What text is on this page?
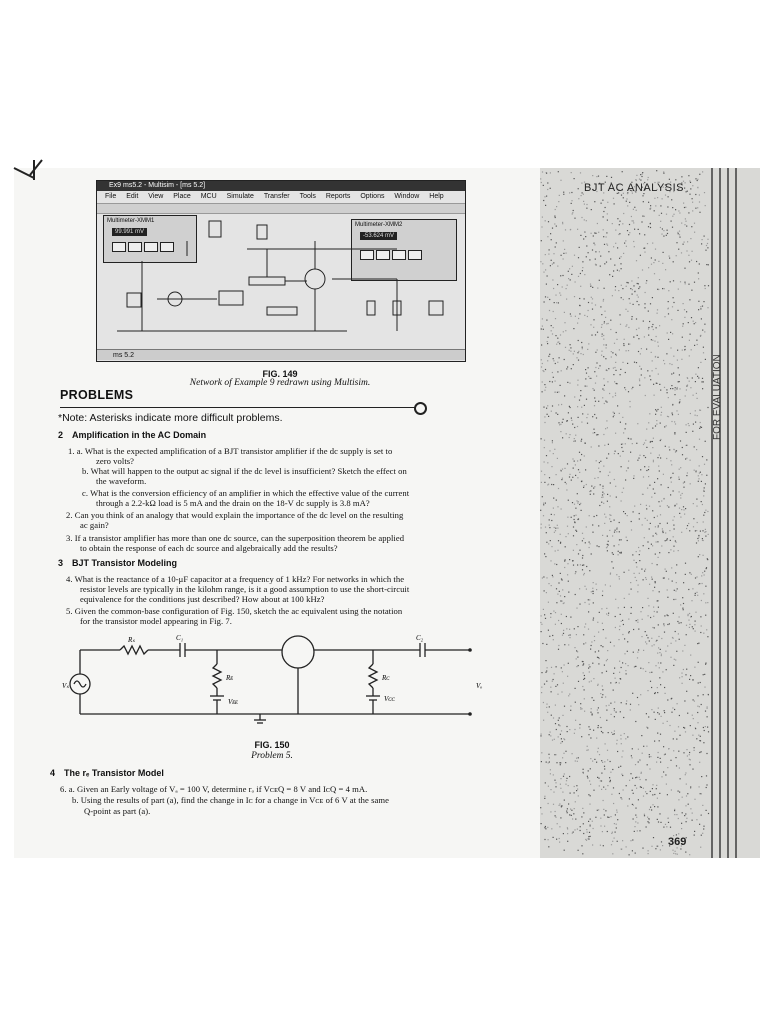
BJT AC ANALYSIS
FOR EVALUATION
369
Ex9 ms5.2 - Multisim - [ms 5.2]
File Edit View Place MCU Simulate Transfer Tools Reports Options Window Help
Multimeter-XMM1
99.991 mV
Multimeter-XMM2
-53.624 mV
ms 5.2
FIG. 149
Network of Example 9 redrawn using Multisim.
PROBLEMS
*Note: Asterisks indicate more difficult problems.
2 Amplification in the AC Domain
1. a. What is the expected amplification of a BJT transistor amplifier if the dc supply is set to
zero volts?
b. What will happen to the output ac signal if the dc level is insufficient? Sketch the effect on
the waveform.
c. What is the conversion efficiency of an amplifier in which the effective value of the current
through a 2.2-kΩ load is 5 mA and the drain on the 18-V dc supply is 3.8 mA?
2. Can you think of an analogy that would explain the importance of the dc level on the resulting
ac gain?
3. If a transistor amplifier has more than one dc source, can the superposition theorem be applied
to obtain the response of each dc source and algebraically add the results?
3 BJT Transistor Modeling
4. What is the reactance of a 10-μF capacitor at a frequency of 1 kHz? For networks in which the
resistor levels are typically in the kilohm range, is it a good assumption to use the short-circuit
equivalence for the conditions just described? How about at 100 kHz?
5. Given the common-base configuration of Fig. 150, sketch the ac equivalent using the notation
for the transistor model appearing in Fig. 7.
Rₛ	C₁	C₂
Rᴇ	Rᴄ
Vᴇᴇ	Vᴄᴄ
Vₛ	Vₒ
FIG. 150
Problem 5.
4 The rₑ Transistor Model
6. a. Given an Early voltage of Vₐ = 100 V, determine rₒ if VᴄᴇQ = 8 V and IᴄQ = 4 mA.
b. Using the results of part (a), find the change in Iᴄ for a change in Vᴄᴇ of 6 V at the same
Q-point as part (a).
